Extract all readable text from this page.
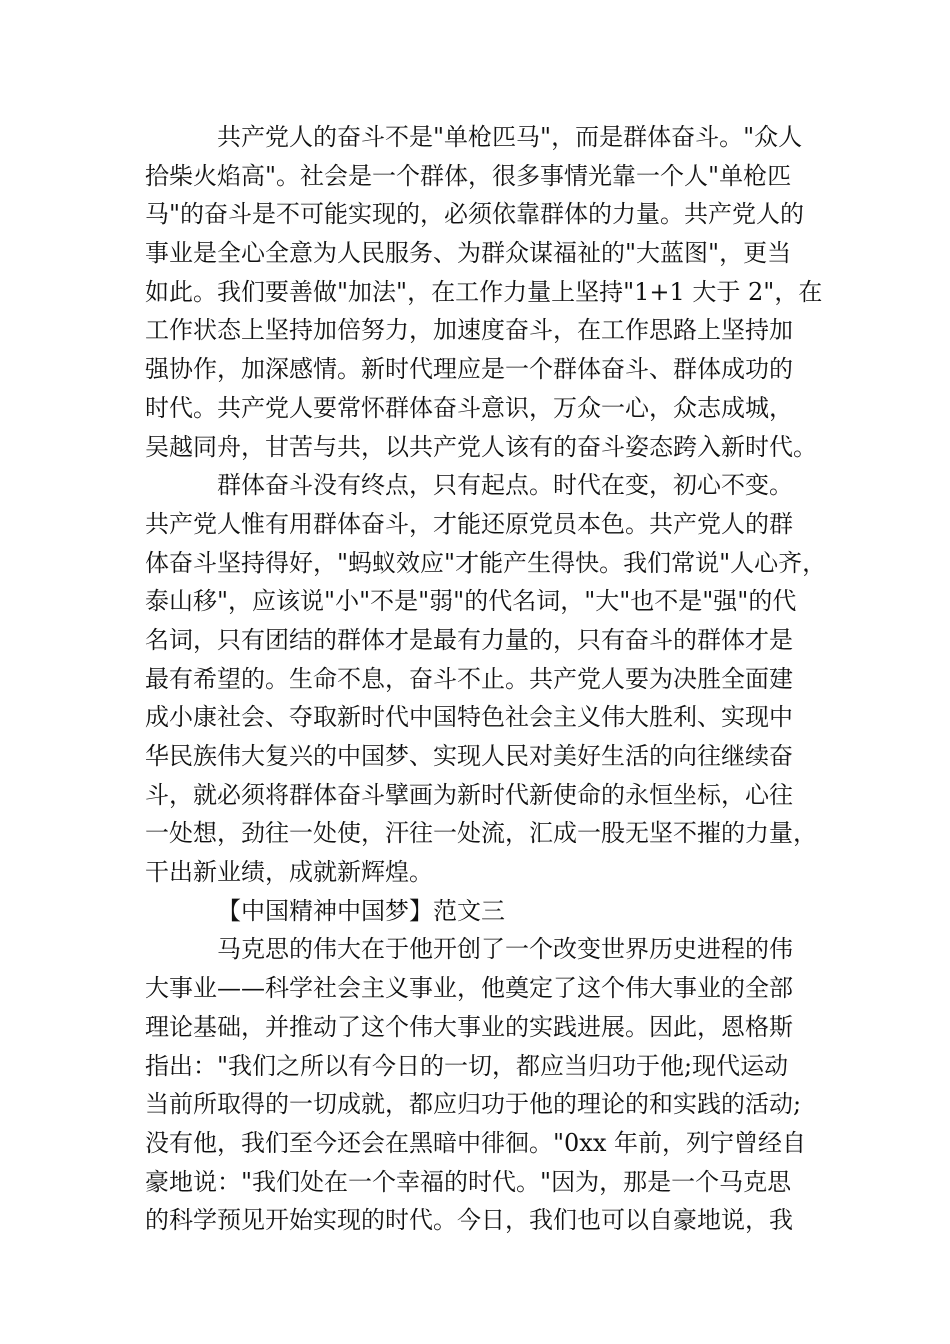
共产党人的奋斗不是"单枪匹马"，而是群体奋斗。"众人
拾柴火焰高"。社会是一个群体，很多事情光靠一个人"单枪匹
马"的奋斗是不可能实现的，必须依靠群体的力量。共产党人的
事业是全心全意为人民服务、为群众谋福祉的"大蓝图"，更当
如此。我们要善做"加法"，在工作力量上坚持"1+1 大于 2"，在
工作状态上坚持加倍努力，加速度奋斗，在工作思路上坚持加
强协作，加深感情。新时代理应是一个群体奋斗、群体成功的
时代。共产党人要常怀群体奋斗意识，万众一心，众志成城，
吴越同舟，甘苦与共，以共产党人该有的奋斗姿态跨入新时代。
群体奋斗没有终点，只有起点。时代在变，初心不变。
共产党人惟有用群体奋斗，才能还原党员本色。共产党人的群
体奋斗坚持得好，"蚂蚁效应"才能产生得快。我们常说"人心齐，
泰山移"，应该说"小"不是"弱"的代名词，"大"也不是"强"的代
名词，只有团结的群体才是最有力量的，只有奋斗的群体才是
最有希望的。生命不息，奋斗不止。共产党人要为决胜全面建
成小康社会、夺取新时代中国特色社会主义伟大胜利、实现中
华民族伟大复兴的中国梦、实现人民对美好生活的向往继续奋
斗，就必须将群体奋斗擘画为新时代新使命的永恒坐标，心往
一处想，劲往一处使，汗往一处流，汇成一股无坚不摧的力量，
干出新业绩，成就新辉煌。
【中国精神中国梦】范文三
马克思的伟大在于他开创了一个改变世界历史进程的伟
大事业——科学社会主义事业，他奠定了这个伟大事业的全部
理论基础，并推动了这个伟大事业的实践进展。因此，恩格斯
指出："我们之所以有今日的一切，都应当归功于他;现代运动
当前所取得的一切成就，都应归功于他的理论的和实践的活动;
没有他，我们至今还会在黑暗中徘徊。"0xx 年前，列宁曾经自
豪地说："我们处在一个幸福的时代。"因为，那是一个马克思
的科学预见开始实现的时代。今日，我们也可以自豪地说，我
